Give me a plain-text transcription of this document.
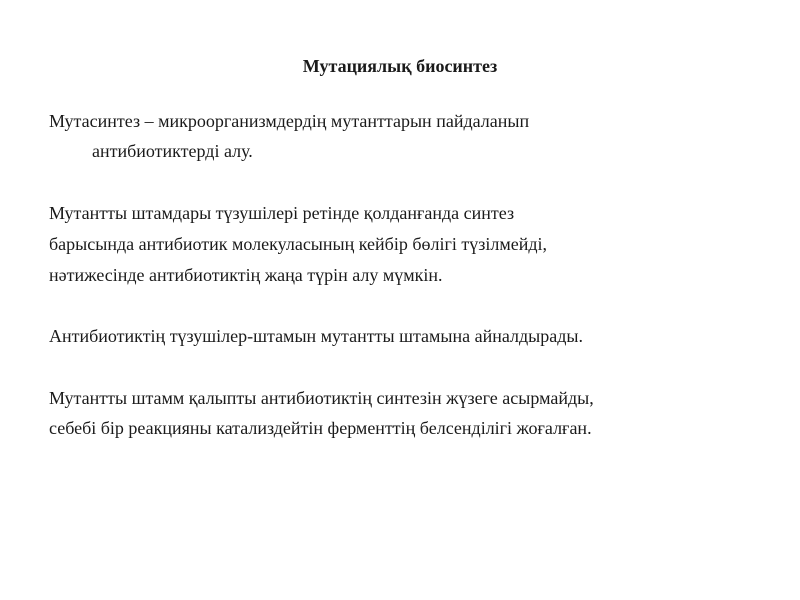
Мутациялық биосинтез
Мутасинтез – микроорганизмдердің мутанттарын пайдаланып
антибиотиктерді алу.
Мутантты штамдары түзушілері ретінде қолданғанда синтез
барысында антибиотик молекуласының кейбір бөлігі түзілмейді,
нәтижесінде антибиотиктің жаңа түрін алу мүмкін.
Антибиотиктің түзушілер-штамын мутантты штамына айналдырады.
Мутантты штамм қалыпты антибиотиктің синтезін жүзеге асырмайды,
себебі бір реакцияны катализдейтін ферменттің белсенділігі жоғалған.
